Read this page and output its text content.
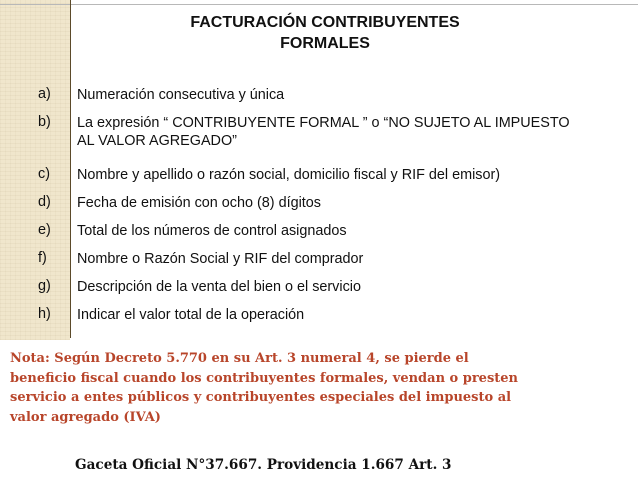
FACTURACIÓN CONTRIBUYENTES
FORMALES
a) Numeración consecutiva y única
b) La expresión “ CONTRIBUYENTE FORMAL ” o “NO SUJETO AL IMPUESTO
AL VALOR AGREGADO”
c) Nombre y apellido o razón social, domicilio fiscal y RIF del emisor)
d) Fecha de emisión con ocho (8) dígitos
e) Total de los números de control asignados
f) Nombre o Razón Social y RIF del comprador
g) Descripción de la venta del bien o el servicio
h) Indicar el valor total de la operación
Nota: Según Decreto 5.770 en su Art. 3 numeral 4, se pierde el
beneficio fiscal cuando los contribuyentes formales, vendan o presten
servicio a entes públicos y contribuyentes especiales del impuesto al
valor agregado (IVA)
Gaceta Oficial N°37.667. Providencia 1.667 Art. 3
